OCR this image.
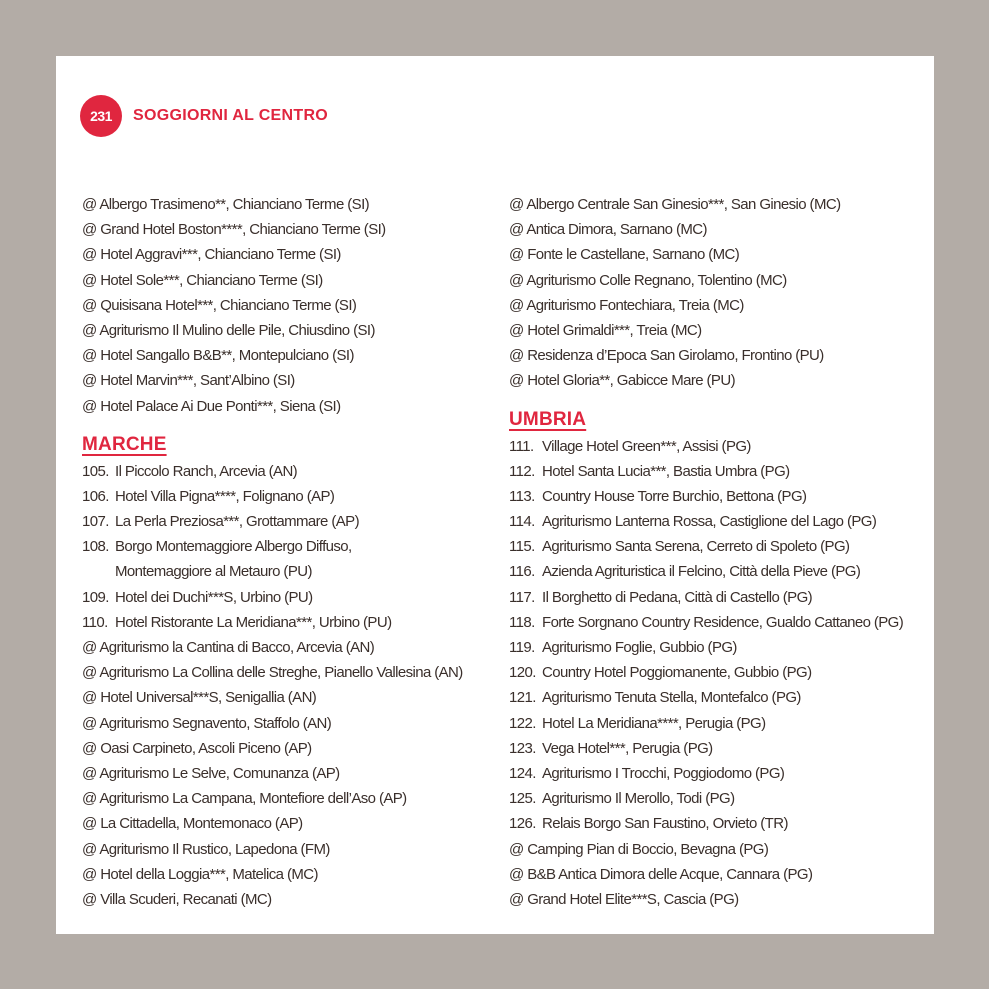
231	SOGGIORNI AL CENTRO
@ Albergo Trasimeno**, Chianciano Terme (SI)
@ Grand Hotel Boston****, Chianciano Terme (SI)
@ Hotel Aggravi***, Chianciano Terme (SI)
@ Hotel Sole***, Chianciano Terme (SI)
@ Quisisana Hotel***, Chianciano Terme (SI)
@ Agriturismo Il Mulino delle Pile, Chiusdino (SI)
@ Hotel Sangallo B&B**, Montepulciano (SI)
@ Hotel Marvin***, Sant’Albino (SI)
@ Hotel Palace Ai Due Ponti***, Siena (SI)
MARCHE
105. Il Piccolo Ranch, Arcevia (AN)
106. Hotel Villa Pigna****, Folignano (AP)
107. La Perla Preziosa***, Grottammare (AP)
108. Borgo Montemaggiore Albergo Diffuso,
Montemaggiore al Metauro (PU)
109. Hotel dei Duchi***S, Urbino (PU)
110. Hotel Ristorante La Meridiana***, Urbino (PU)
@ Agriturismo la Cantina di Bacco, Arcevia (AN)
@ Agriturismo La Collina delle Streghe, Pianello Vallesina (AN)
@ Hotel Universal***S, Senigallia (AN)
@ Agriturismo Segnavento, Staffolo (AN)
@ Oasi Carpineto, Ascoli Piceno (AP)
@ Agriturismo Le Selve, Comunanza (AP)
@ Agriturismo La Campana, Montefiore dell’Aso (AP)
@ La Cittadella, Montemonaco (AP)
@ Agriturismo Il Rustico, Lapedona (FM)
@ Hotel della Loggia***, Matelica (MC)
@ Villa Scuderi, Recanati (MC)
@ Albergo Centrale San Ginesio***, San Ginesio (MC)
@ Antica Dimora, Sarnano (MC)
@ Fonte le Castellane, Sarnano (MC)
@ Agriturismo Colle Regnano, Tolentino (MC)
@ Agriturismo Fontechiara, Treia (MC)
@ Hotel Grimaldi***, Treia (MC)
@ Residenza d’Epoca San Girolamo, Frontino (PU)
@ Hotel Gloria**, Gabicce Mare (PU)
UMBRIA
111. Village Hotel Green***, Assisi (PG)
112. Hotel Santa Lucia***, Bastia Umbra (PG)
113. Country House Torre Burchio, Bettona (PG)
114. Agriturismo Lanterna Rossa, Castiglione del Lago (PG)
115. Agriturismo Santa Serena, Cerreto di Spoleto (PG)
116. Azienda Agrituristica il Felcino, Città della Pieve (PG)
117. Il Borghetto di Pedana, Città di Castello (PG)
118. Forte Sorgnano Country Residence, Gualdo Cattaneo (PG)
119. Agriturismo Foglie, Gubbio (PG)
120. Country Hotel Poggiomanente, Gubbio (PG)
121. Agriturismo Tenuta Stella, Montefalco (PG)
122. Hotel La Meridiana****, Perugia (PG)
123. Vega Hotel***, Perugia (PG)
124. Agriturismo I Trocchi, Poggiodomo (PG)
125. Agriturismo Il Merollo, Todi (PG)
126. Relais Borgo San Faustino, Orvieto (TR)
@ Camping Pian di Boccio, Bevagna (PG)
@ B&B Antica Dimora delle Acque, Cannara (PG)
@ Grand Hotel Elite***S, Cascia (PG)
